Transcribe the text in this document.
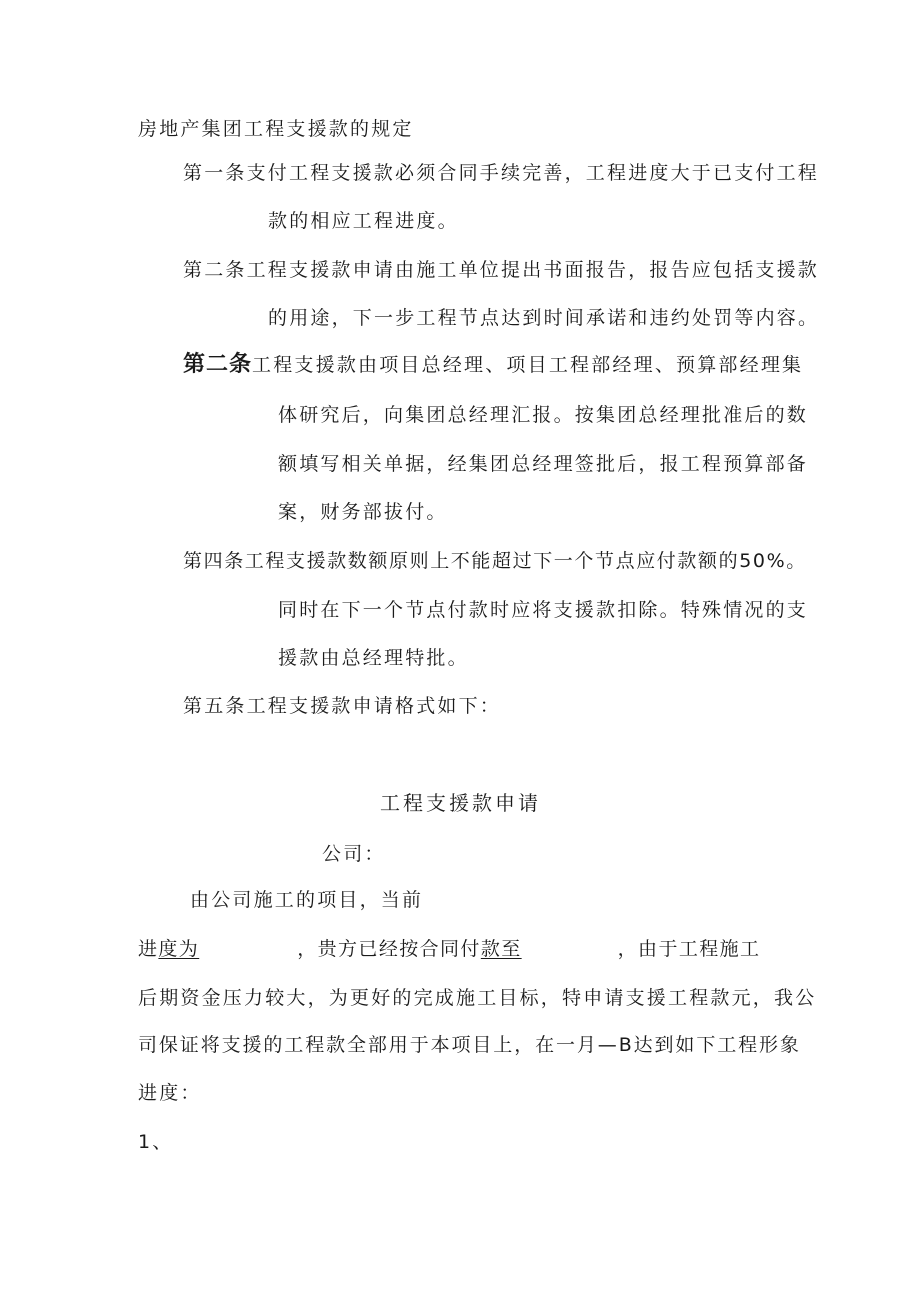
房地产集团工程支援款的规定
第一条支付工程支援款必须合同手续完善，工程进度大于已支付工程
款的相应工程进度。
第二条工程支援款申请由施工单位提出书面报告，报告应包括支援款
的用途，下一步工程节点达到时间承诺和违约处罚等内容。
第二条工程支援款由项目总经理、项目工程部经理、预算部经理集
体研究后，向集团总经理汇报。按集团总经理批准后的数
额填写相关单据，经集团总经理签批后，报工程预算部备
案，财务部拔付。
第四条工程支援款数额原则上不能超过下一个节点应付款额的50%。
同时在下一个节点付款时应将支援款扣除。特殊情况的支
援款由总经理特批。
第五条工程支援款申请格式如下：
工程支援款申请
公司：
由公司施工的项目，当前
进度为	，贵方已经按合同付款至	，由于工程施工
后期资金压力较大，为更好的完成施工目标，特申请支援工程款元，我公
司保证将支援的工程款全部用于本项目上，在一月—B达到如下工程形象
进度：
1、
